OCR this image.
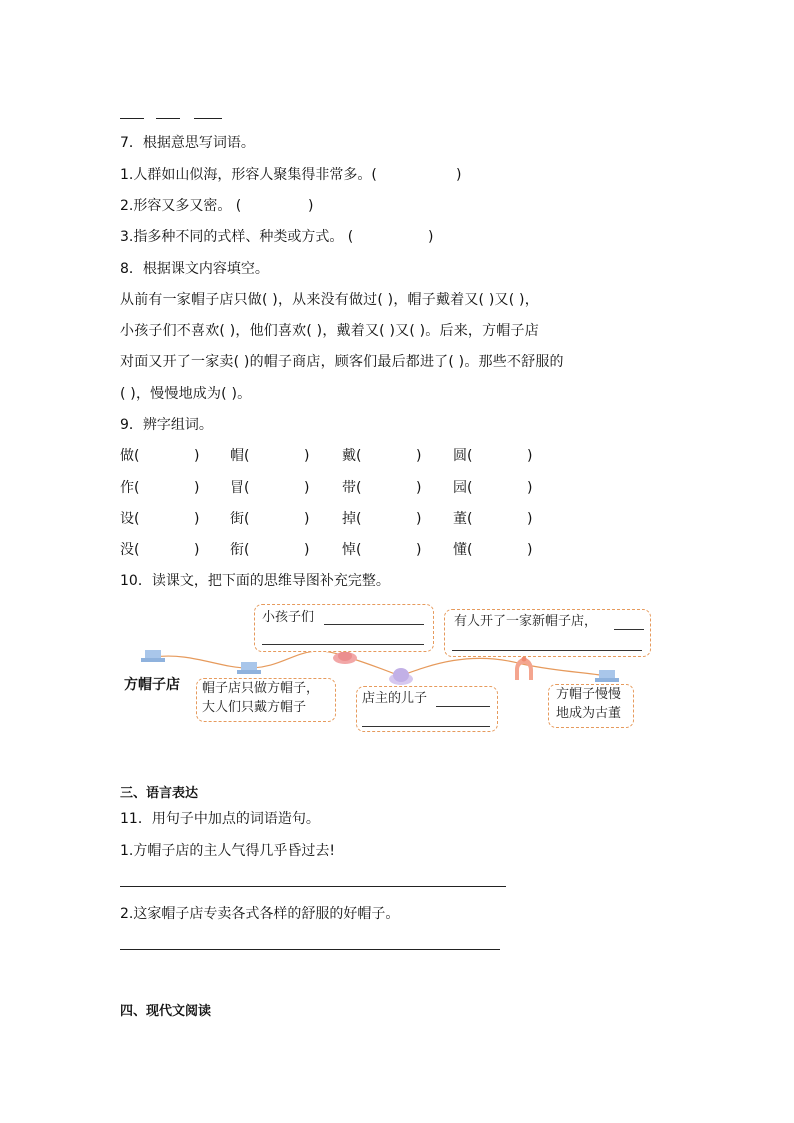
7．根据意思写词语。
1.人群如山似海，形容人聚集得非常多。(	)
2.形容又多又密。 (	)
3.指多种不同的式样、种类或方式。 (	)
8．根据课文内容填空。
从前有一家帽子店只做( )，从来没有做过( )，帽子戴着又( )又( )，
小孩子们不喜欢( )，他们喜欢( )，戴着又( )又( )。后来，方帽子店
对面又开了一家卖( )的帽子商店，顾客们最后都进了( )。那些不舒服的
( )，慢慢地成为( )。
9．辨字组词。
做(	) 帽(	) 戴(	) 圆(	)
作(	) 冒(	) 带(	) 园(	)
设(	) 街(	) 掉(	) 董(	)
没(	) 衔(	) 悼(	) 懂(	)
10．读课文，把下面的思维导图补充完整。
方帽子店
小孩子们	有人开了一家新帽子店，
帽子店只做方帽子，
大人们只戴方帽子
店主的儿子	方帽子慢慢
地成为古董
三、语言表达
11．用句子中加点的词语造句。
1.方帽子店的主人气得几乎昏过去!
2.这家帽子店专卖各式各样的舒服的好帽子。
四、现代文阅读
